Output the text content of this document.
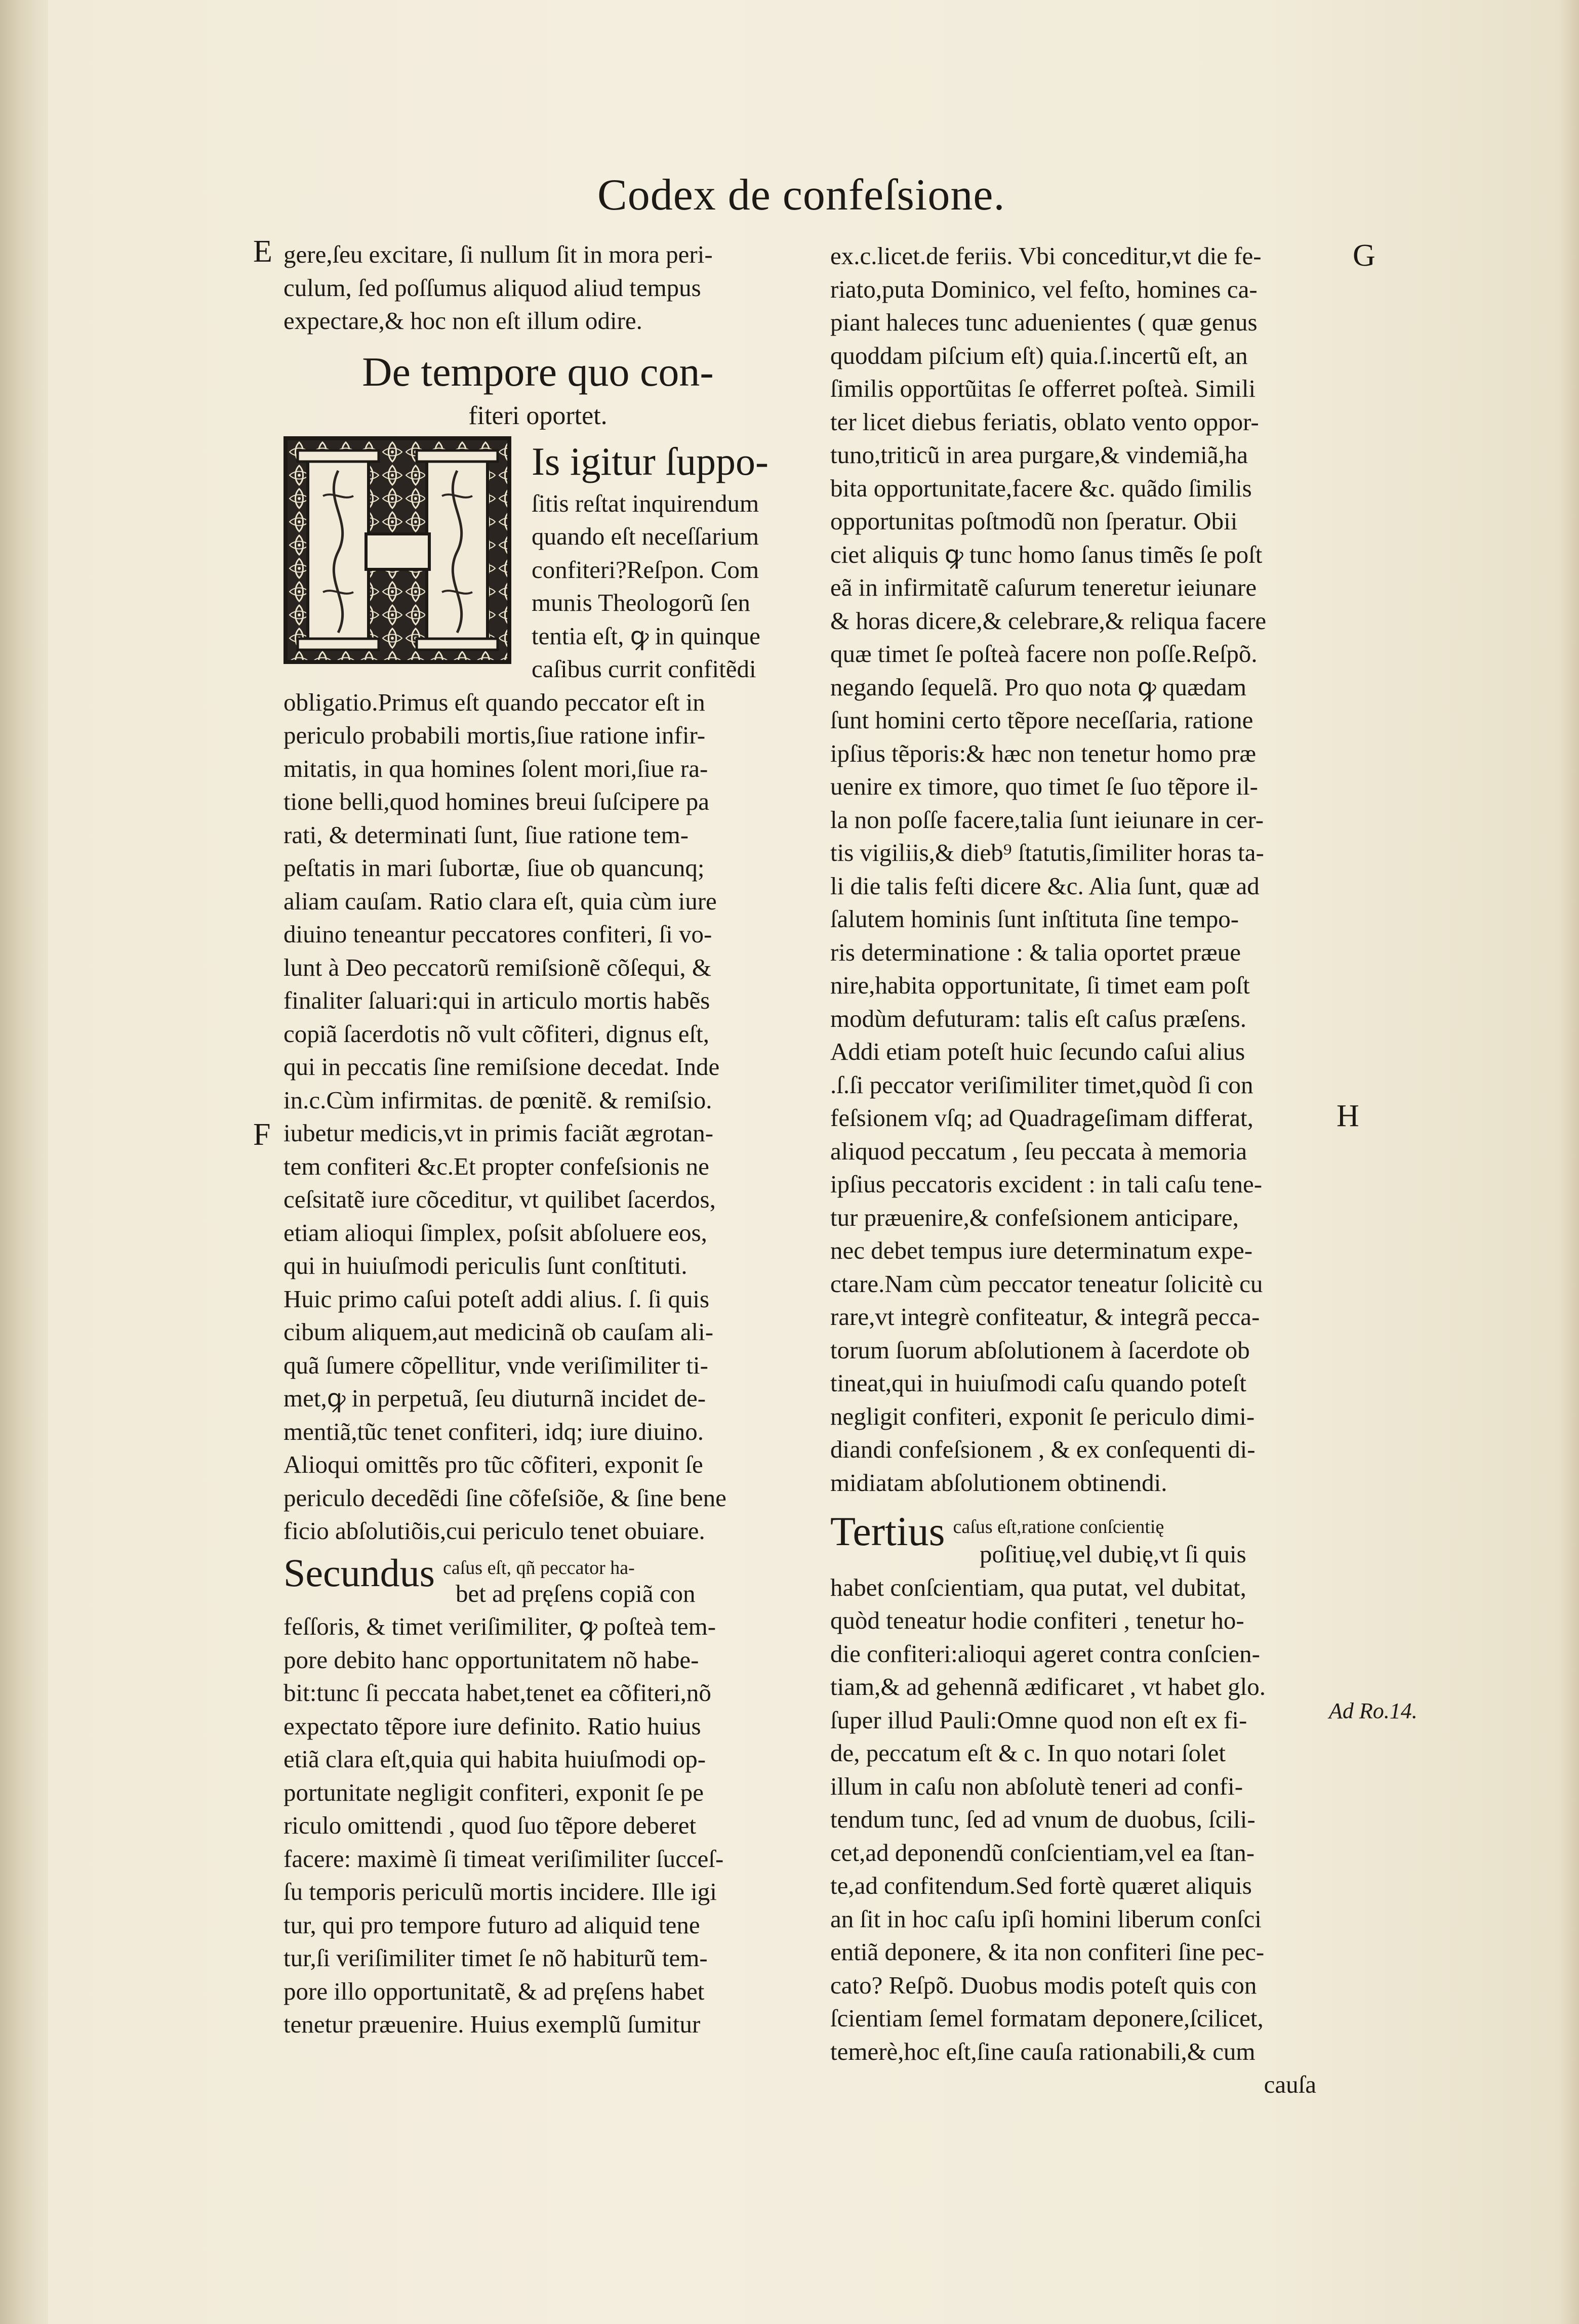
Codex de confeſsione.
E
F
G
H
Ad Ro.14.
gere,ſeu excitare, ſi nullum ſit in mora peri-
culum, ſed poſſumus aliquod aliud tempus
expectare,& hoc non eſt illum odire.
De tempore quo con-
fiteri oportet.
Is igitur ſuppo-
ſitis reſtat inquirendum
quando eſt neceſſarium
confiteri?Reſpon. Com
munis Theologorũ ſen
tentia eſt, ꝙ in quinque
caſibus currit confitẽdi
obligatio.Primus eſt quando peccator eſt in
periculo probabili mortis,ſiue ratione infir-
mitatis, in qua homines ſolent mori,ſiue ra-
tione belli,quod homines breui ſuſcipere pa
rati, & determinati ſunt, ſiue ratione tem-
peſtatis in mari ſubortæ, ſiue ob quancunq;
aliam cauſam. Ratio clara eſt, quia cùm iure
diuino teneantur peccatores confiteri, ſi vo-
lunt à Deo peccatorũ remiſsionẽ cõſequi, &
finaliter ſaluari:qui in articulo mortis habẽs
copiã ſacerdotis nõ vult cõfiteri, dignus eſt,
qui in peccatis ſine remiſsione decedat. Inde
in.c.Cùm infirmitas. de pœnitẽ. & remiſsio.
iubetur medicis,vt in primis faciãt ægrotan-
tem confiteri &c.Et propter confeſsionis ne
ceſsitatẽ iure cõceditur, vt quilibet ſacerdos,
etiam alioqui ſimplex, poſsit abſoluere eos,
qui in huiuſmodi periculis ſunt conſtituti.
Huic primo caſui poteſt addi alius. ſ. ſi quis
cibum aliquem,aut medicinã ob cauſam ali-
quã ſumere cõpellitur, vnde veriſimiliter ti-
met,ꝙ in perpetuã, ſeu diuturnã incidet de-
mentiã,tũc tenet confiteri, idq; iure diuino.
Alioqui omittẽs pro tũc cõfiteri, exponit ſe
periculo decedẽdi ſine cõfeſsiõe, & ſine bene
ficio abſolutiõis,cui periculo tenet obuiare.
Secundus $^{caſus eſt, qñ peccator ha-}$
bet ad pręſens copiã con
feſſoris, & timet veriſimiliter, ꝙ poſteà tem-
pore debito hanc opportunitatem nõ habe-
bit:tunc ſi peccata habet,tenet ea cõfiteri,nõ
expectato tẽpore iure definito. Ratio huius
etiã clara eſt,quia qui habita huiuſmodi op-
portunitate negligit confiteri, exponit ſe pe
riculo omittendi , quod ſuo tẽpore deberet
facere: maximè ſi timeat veriſimiliter ſucceſ-
ſu temporis periculũ mortis incidere. Ille igi
tur, qui pro tempore futuro ad aliquid tene
tur,ſi veriſimiliter timet ſe nõ habiturũ tem-
pore illo opportunitatẽ, & ad pręſens habet
tenetur præuenire. Huius exemplũ ſumitur
ex.c.licet.de feriis. Vbi conceditur,vt die fe-
riato,puta Dominico, vel feſto, homines ca-
piant haleces tunc aduenientes ( quæ genus
quoddam piſcium eſt) quia.ſ.incertũ eſt, an
ſimilis opportũitas ſe offerret poſteà. Simili
ter licet diebus feriatis, oblato vento oppor-
tuno,triticũ in area purgare,& vindemiã,ha
bita opportunitate,facere &c. quãdo ſimilis
opportunitas poſtmodũ non ſperatur. Obii
ciet aliquis ꝙ tunc homo ſanus timẽs ſe poſt
eã in infirmitatẽ caſurum teneretur ieiunare
& horas dicere,& celebrare,& reliqua facere
quæ timet ſe poſteà facere non poſſe.Reſpõ.
negando ſequelã. Pro quo nota ꝙ quædam
ſunt homini certo tẽpore neceſſaria, ratione
ipſius tẽporis:& hæc non tenetur homo præ
uenire ex timore, quo timet ſe ſuo tẽpore il-
la non poſſe facere,talia ſunt ieiunare in cer-
tis vigiliis,& dieb⁹ ſtatutis,ſimiliter horas ta-
li die talis feſti dicere &c. Alia ſunt, quæ ad
ſalutem hominis ſunt inſtituta ſine tempo-
ris determinatione : & talia oportet præue
nire,habita opportunitate, ſi timet eam poſt
modùm defuturam: talis eſt caſus præſens.
Addi etiam poteſt huic ſecundo caſui alius
.ſ.ſi peccator veriſimiliter timet,quòd ſi con
feſsionem vſq; ad Quadrageſimam differat,
aliquod peccatum , ſeu peccata à memoria
ipſius peccatoris excident : in tali caſu tene-
tur præuenire,& confeſsionem anticipare,
nec debet tempus iure determinatum expe-
ctare.Nam cùm peccator teneatur ſolicitè cu
rare,vt integrè confiteatur, & integrã pecca-
torum ſuorum abſolutionem à ſacerdote ob
tineat,qui in huiuſmodi caſu quando poteſt
negligit confiteri, exponit ſe periculo dimi-
diandi confeſsionem , & ex conſequenti di-
midiatam abſolutionem obtinendi.
Tertius $^{caſus eſt,ratione conſcientię}$
poſitiuę,vel dubię,vt ſi quis
habet conſcientiam, qua putat, vel dubitat,
quòd teneatur hodie confiteri , tenetur ho-
die confiteri:alioqui ageret contra conſcien-
tiam,& ad gehennã ædificaret , vt habet glo.
ſuper illud Pauli:Omne quod non eſt ex fi-
de, peccatum eſt & c. In quo notari ſolet
illum in caſu non abſolutè teneri ad confi-
tendum tunc, ſed ad vnum de duobus, ſcili-
cet,ad deponendũ conſcientiam,vel ea ſtan-
te,ad confitendum.Sed fortè quæret aliquis
an ſit in hoc caſu ipſi homini liberum conſci
entiã deponere, & ita non confiteri ſine pec-
cato? Reſpõ. Duobus modis poteſt quis con
ſcientiam ſemel formatam deponere,ſcilicet,
temerè,hoc eſt,ſine cauſa rationabili,& cum
cauſa
